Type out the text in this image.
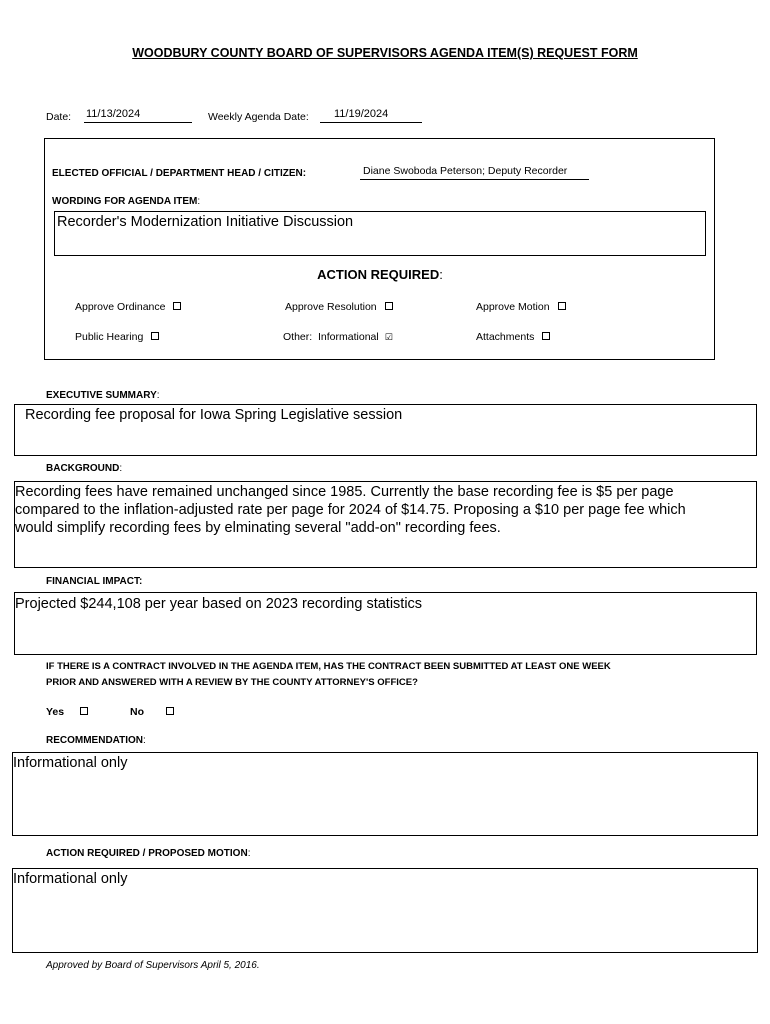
WOODBURY COUNTY BOARD OF SUPERVISORS AGENDA ITEM(S) REQUEST FORM
Date: 11/13/2024	Weekly Agenda Date: 11/19/2024
ELECTED OFFICIAL / DEPARTMENT HEAD / CITIZEN:	Diane Swoboda Peterson; Deputy Recorder
WORDING FOR AGENDA ITEM:
Recorder's Modernization Initiative Discussion
ACTION REQUIRED:
Approve Ordinance	Approve Resolution	Approve Motion
Public Hearing	Other:  Informational ☑	Attachments
EXECUTIVE SUMMARY:
Recording fee proposal for Iowa Spring Legislative session
BACKGROUND:
Recording fees have remained unchanged since 1985. Currently the base recording fee is $5 per page
compared to the inflation-adjusted rate per page for 2024 of $14.75. Proposing a $10 per page fee which
would simplify recording fees by elminating several "add-on" recording fees.
FINANCIAL IMPACT:
Projected $244,108 per year based on 2023 recording statistics
IF THERE IS A CONTRACT INVOLVED IN THE AGENDA ITEM, HAS THE CONTRACT BEEN SUBMITTED AT LEAST ONE WEEK
PRIOR AND ANSWERED WITH A REVIEW BY THE COUNTY ATTORNEY'S OFFICE?
Yes	No
RECOMMENDATION:
Informational only
ACTION REQUIRED / PROPOSED MOTION:
Informational only
Approved by Board of Supervisors April 5, 2016.
